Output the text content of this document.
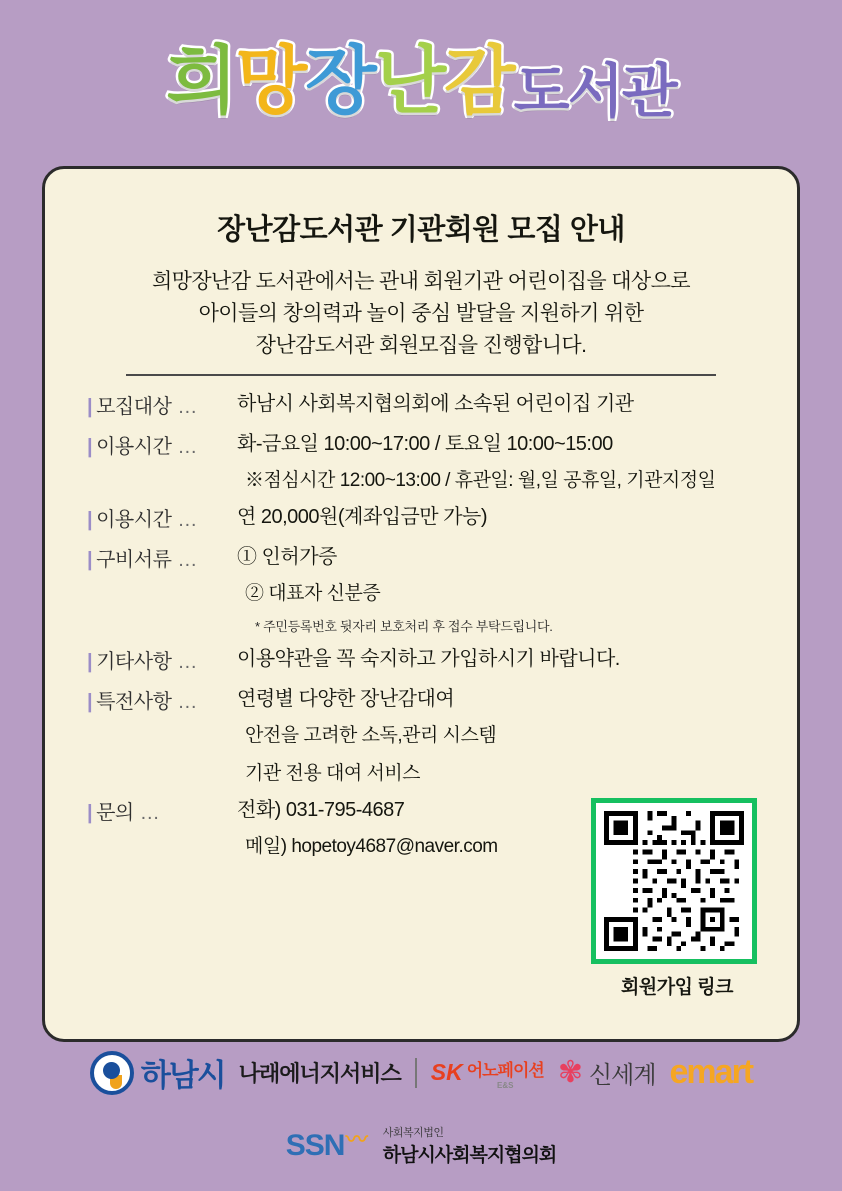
희 망 장 난 감 도 서 관
장난감도서관 기관회원 모집 안내
희망장난감 도서관에서는 관내 회원기관 어린이집을 대상으로
아이들의 창의력과 놀이 중심 발달을 지원하기 위한
장난감도서관 회원모집을 진행합니다.
| 모집대상 …	하남시 사회복지협의회에 소속된 어린이집 기관
| 이용시간 …	화-금요일 10:00~17:00 / 토요일 10:00~15:00
※점심시간 12:00~13:00 / 휴관일: 월,일 공휴일, 기관지정일
| 이용시간 …	연 20,000원(계좌입금만 가능)
| 구비서류 …	① 인허가증
② 대표자 신분증
* 주민등록번호 뒷자리 보호처리 후 접수 부탁드립니다.
| 기타사항 …	이용약관을 꼭 숙지하고 가입하시기 바랍니다.
| 특전사항 …	연령별 다양한 장난감대여
안전을 고려한 소독,관리 시스템
기관 전용 대여 서비스
| 문의 …	전화) 031-795-4687
메일) hopetoy4687@naver.com
회원가입 링크
하남시 나래에너지서비스 SK 어노페이션
E&S	✾ 신세계 emart
SSN 〰	사회복지법인
하남시사회복지협의회
